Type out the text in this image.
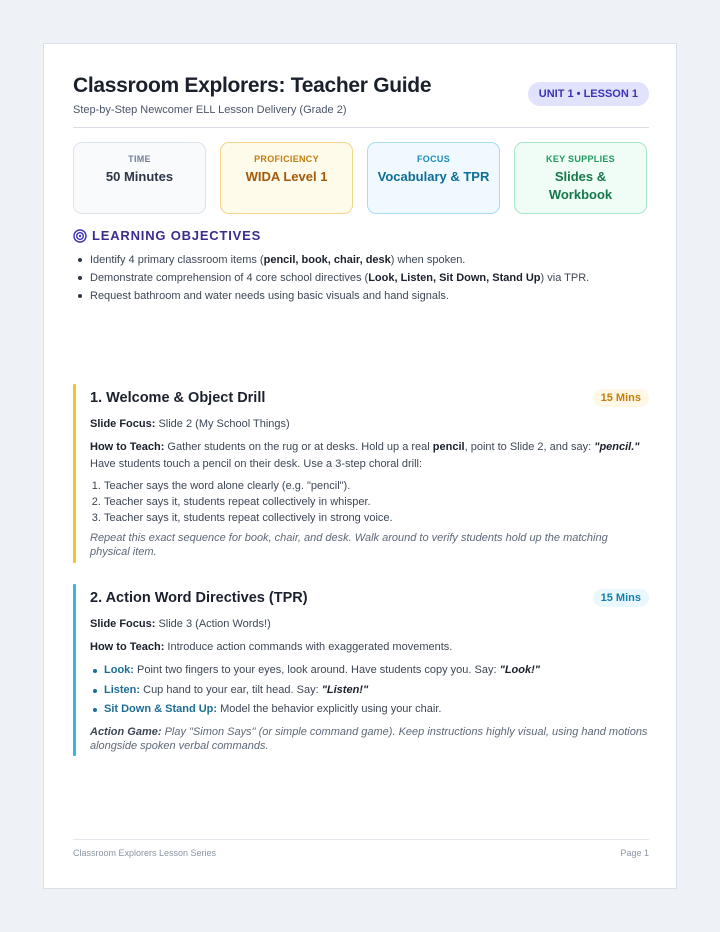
Classroom Explorers: Teacher Guide
Step-by-Step Newcomer ELL Lesson Delivery (Grade 2)
UNIT 1 • LESSON 1
TIME
50 Minutes
PROFICIENCY
WIDA Level 1
FOCUS
Vocabulary & TPR
KEY SUPPLIES
Slides &
Workbook
LEARNING OBJECTIVES
Identify 4 primary classroom items (pencil, book, chair, desk) when spoken.
Demonstrate comprehension of 4 core school directives (Look, Listen, Sit Down, Stand Up) via TPR.
Request bathroom and water needs using basic visuals and hand signals.
1. Welcome & Object Drill	15 Mins
Slide Focus: Slide 2 (My School Things)
How to Teach: Gather students on the rug or at desks. Hold up a real pencil, point to Slide 2, and say: "pencil." Have students touch a pencil on their desk. Use a 3-step choral drill:
1. Teacher says the word alone clearly (e.g. "pencil").
2. Teacher says it, students repeat collectively in whisper.
3. Teacher says it, students repeat collectively in strong voice.
Repeat this exact sequence for book, chair, and desk. Walk around to verify students hold up the matching physical item.
2. Action Word Directives (TPR)	15 Mins
Slide Focus: Slide 3 (Action Words!)
How to Teach: Introduce action commands with exaggerated movements.
Look: Point two fingers to your eyes, look around. Have students copy you. Say: "Look!"
Listen: Cup hand to your ear, tilt head. Say: "Listen!"
Sit Down & Stand Up: Model the behavior explicitly using your chair.
Action Game: Play "Simon Says" (or simple command game). Keep instructions highly visual, using hand motions alongside spoken verbal commands.
Classroom Explorers Lesson Series	Page 1
